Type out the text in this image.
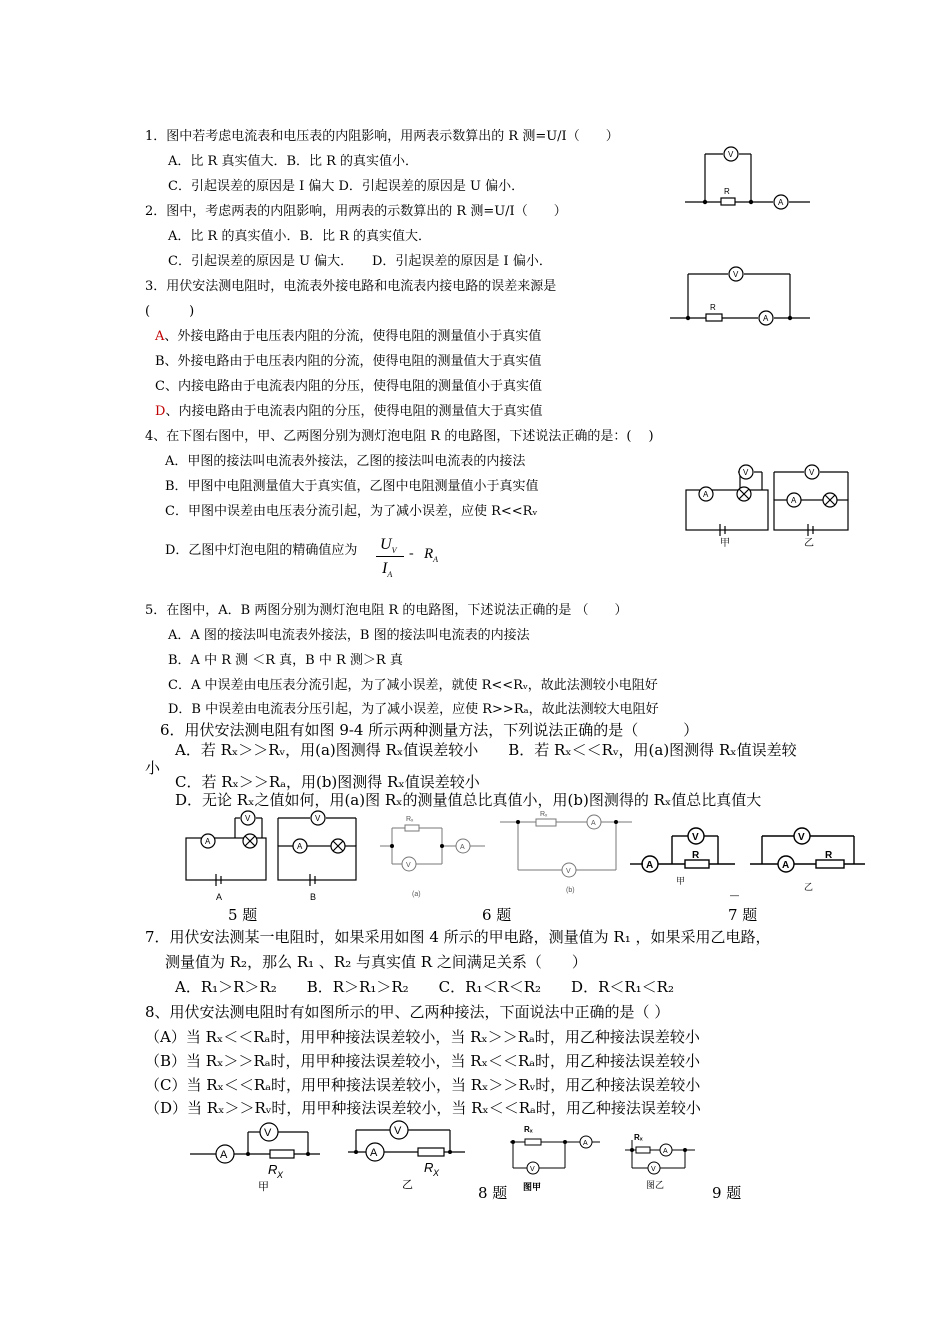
1．图中若考虑电流表和电压表的内阻影响，用两表示数算出的 R 测=U/I（　　）
A．比 R 真实值大．B．比 R 的真实值小．
C．引起误差的原因是 I 偏大 D．引起误差的原因是 U 偏小．
V
A
R
2．图中，考虑两表的内阻影响，用两表的示数算出的 R 测=U/I（　　）
A．比 R 的真实值小．B．比 R 的真实值大．
C．引起误差的原因是 U 偏大． D．引起误差的原因是 I 偏小．
V
A
R
3．用伏安法测电阻时，电流表外接电路和电流表内接电路的误差来源是
(　　　)
A、外接电路由于电压表内阻的分流，使得电阻的测量值小于真实值
B、外接电路由于电压表内阻的分流，使得电阻的测量值大于真实值
C、内接电路由于电流表内阻的分压，使得电阻的测量值小于真实值
D、内接电路由于电流表内阻的分压，使得电阻的测量值大于真实值
4、在下图右图中，甲、乙两图分别为测灯泡电阻 R 的电路图，下述说法正确的是：(　 )
A．甲图的接法叫电流表外接法，乙图的接法叫电流表的内接法
B．甲图中电阻测量值大于真实值，乙图中电阻测量值小于真实值
C．甲图中误差由电压表分流引起，为了减小误差，应使 R<<Rᵥ
D．乙图中灯泡电阻的精确值应为 $U_V$
$I_A$
- $R_A$
V
A
V
A
甲	乙
5．在图中，A．B 两图分别为测灯泡电阻 R 的电路图，下述说法正确的是 （　　）
A．A 图的接法叫电流表外接法，B 图的接法叫电流表的内接法
B．A 中 R 测 ＜R 真，B 中 R 测＞R 真
C．A 中误差由电压表分流引起，为了减小误差，就使 R<<Rᵥ，故此法测较小电阻好
D．B 中误差由电流表分压引起，为了减小误差，应使 R>>Rₐ，故此法测较大电阻好
6．用伏安法测电阻有如图 9-4 所示两种测量方法，下列说法正确的是（　　　）
A．若 Rₓ＞＞Rᵥ，用(a)图测得 Rₓ值误差较小　　B．若 Rₓ＜＜Rᵥ，用(a)图测得 Rₓ值误差较
小
C．若 Rₓ＞＞Rₐ，用(b)图测得 Rₓ值误差较小
D．无论 Rₓ之值如何，用(a)图 Rₓ的测量值总比真值小，用(b)图测得的 Rₓ值总比真值大
A
V
A
V
A	B
V
A
Rₓ
(a)
A
V
Rₓ
(b)
A
V
R
A
V
R
甲
—
乙
5 题	6 题	7 题
7．用伏安法测某一电阻时，如果采用如图 4 所示的甲电路，测量值为 R₁ ，如果采用乙电路，
测量值为 R₂，那么 R₁ 、R₂ 与真实值 R 之间满足关系（　　）
A．R₁＞R＞R₂　　B．R＞R₁＞R₂　　C．R₁＜R＜R₂　　D．R＜R₁＜R₂
8、用伏安法测电阻时有如图所示的甲、乙两种接法，下面说法中正确的是（ ）
（A）当 Rₓ＜＜Rₐ时，用甲种接法误差较小，当 Rₓ＞＞Rₐ时，用乙种接法误差较小
（B）当 Rₓ＞＞Rₐ时，用甲种接法误差较小，当 Rₓ＜＜Rₐ时，用乙种接法误差较小
（C）当 Rₓ＜＜Rₐ时，用甲种接法误差较小，当 Rₓ＞＞Rᵥ时，用乙种接法误差较小
（D）当 Rₓ＞＞Rᵥ时，用甲种接法误差较小，当 Rₓ＜＜Rₐ时，用乙种接法误差较小
A
V
R X
A
V
R X
甲	乙
Rₓ
A
V
图甲
Rₓ
A
V
图乙
8 题	9 题
